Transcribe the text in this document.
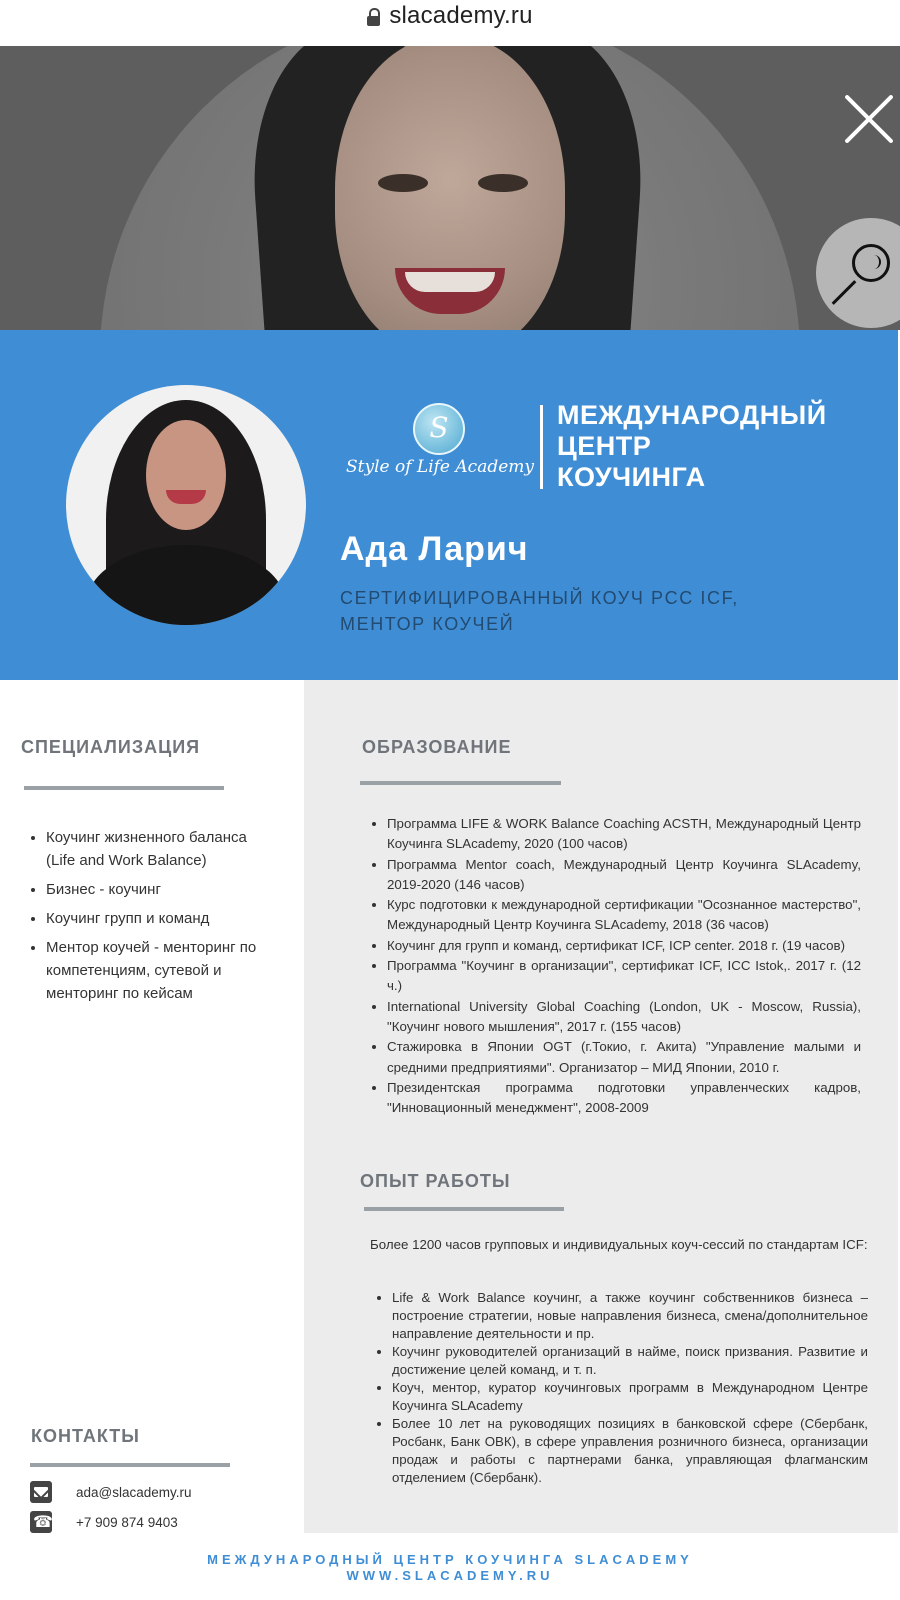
slacademy.ru
S
Style of Life Academy
МЕЖДУНАРОДНЫЙ
ЦЕНТР
КОУЧИНГА
Ада Ларич
СЕРТИФИЦИРОВАННЫЙ КОУЧ PCC ICF,
МЕНТОР КОУЧЕЙ
СПЕЦИАЛИЗАЦИЯ
• Коучинг жизненного баланса (Life and Work Balance)
• Бизнес - коучинг
• Коучинг групп и команд
• Ментор коучей - менторинг по компетенциям, сутевой и менторинг по кейсам
ОБРАЗОВАНИЕ
• Программа LIFE & WORK Balance Coaching ACSTH, Международный Центр Коучинга SLAcademy, 2020 (100 часов)
• Программа Mentor coach, Международный Центр Коучинга SLAcademy, 2019-2020 (146 часов)
• Курс подготовки к международной сертификации "Осознанное мастерство", Международный Центр Коучинга SLAcademy, 2018 (36 часов)
• Коучинг для групп и команд, сертификат ICF, ICP center. 2018 г. (19 часов)
• Программа "Коучинг в организации", сертификат ICF, ICC Istok,. 2017 г. (12 ч.)
• International University Global Coaching (London, UK - Moscow, Russia), "Коучинг нового мышления", 2017 г. (155 часов)
• Стажировка в Японии OGT (г.Токио, г. Акита) "Управление малыми и средними предприятиями". Организатор – МИД Японии, 2010 г.
• Президентская программа подготовки управленческих кадров, "Инновационный менеджмент", 2008-2009
ОПЫТ РАБОТЫ
Более 1200 часов групповых и индивидуальных коуч-сессий по стандартам ICF:
• Life & Work Balance коучинг, а также коучинг собственников бизнеса – построение стратегии, новые направления бизнеса, смена/дополнительное направление деятельности и пр.
• Коучинг руководителей организаций в найме, поиск призвания. Развитие и достижение целей команд, и т. п.
• Коуч, ментор, куратор коучинговых программ в Международном Центре Коучинга SLAcademy
• Более 10 лет на руководящих позициях в банковской сфере (Сбербанк, Росбанк, Банк ОВК), в сфере управления розничного бизнеса, организации продаж и работы с партнерами банка, управляющая флагманским отделением (Сбербанк).
КОНТАКТЫ
ada@slacademy.ru
☎
+7 909 874 9403
МЕЖДУНАРОДНЫЙ ЦЕНТР КОУЧИНГА SLACADEMY
WWW.SLACADEMY.RU
